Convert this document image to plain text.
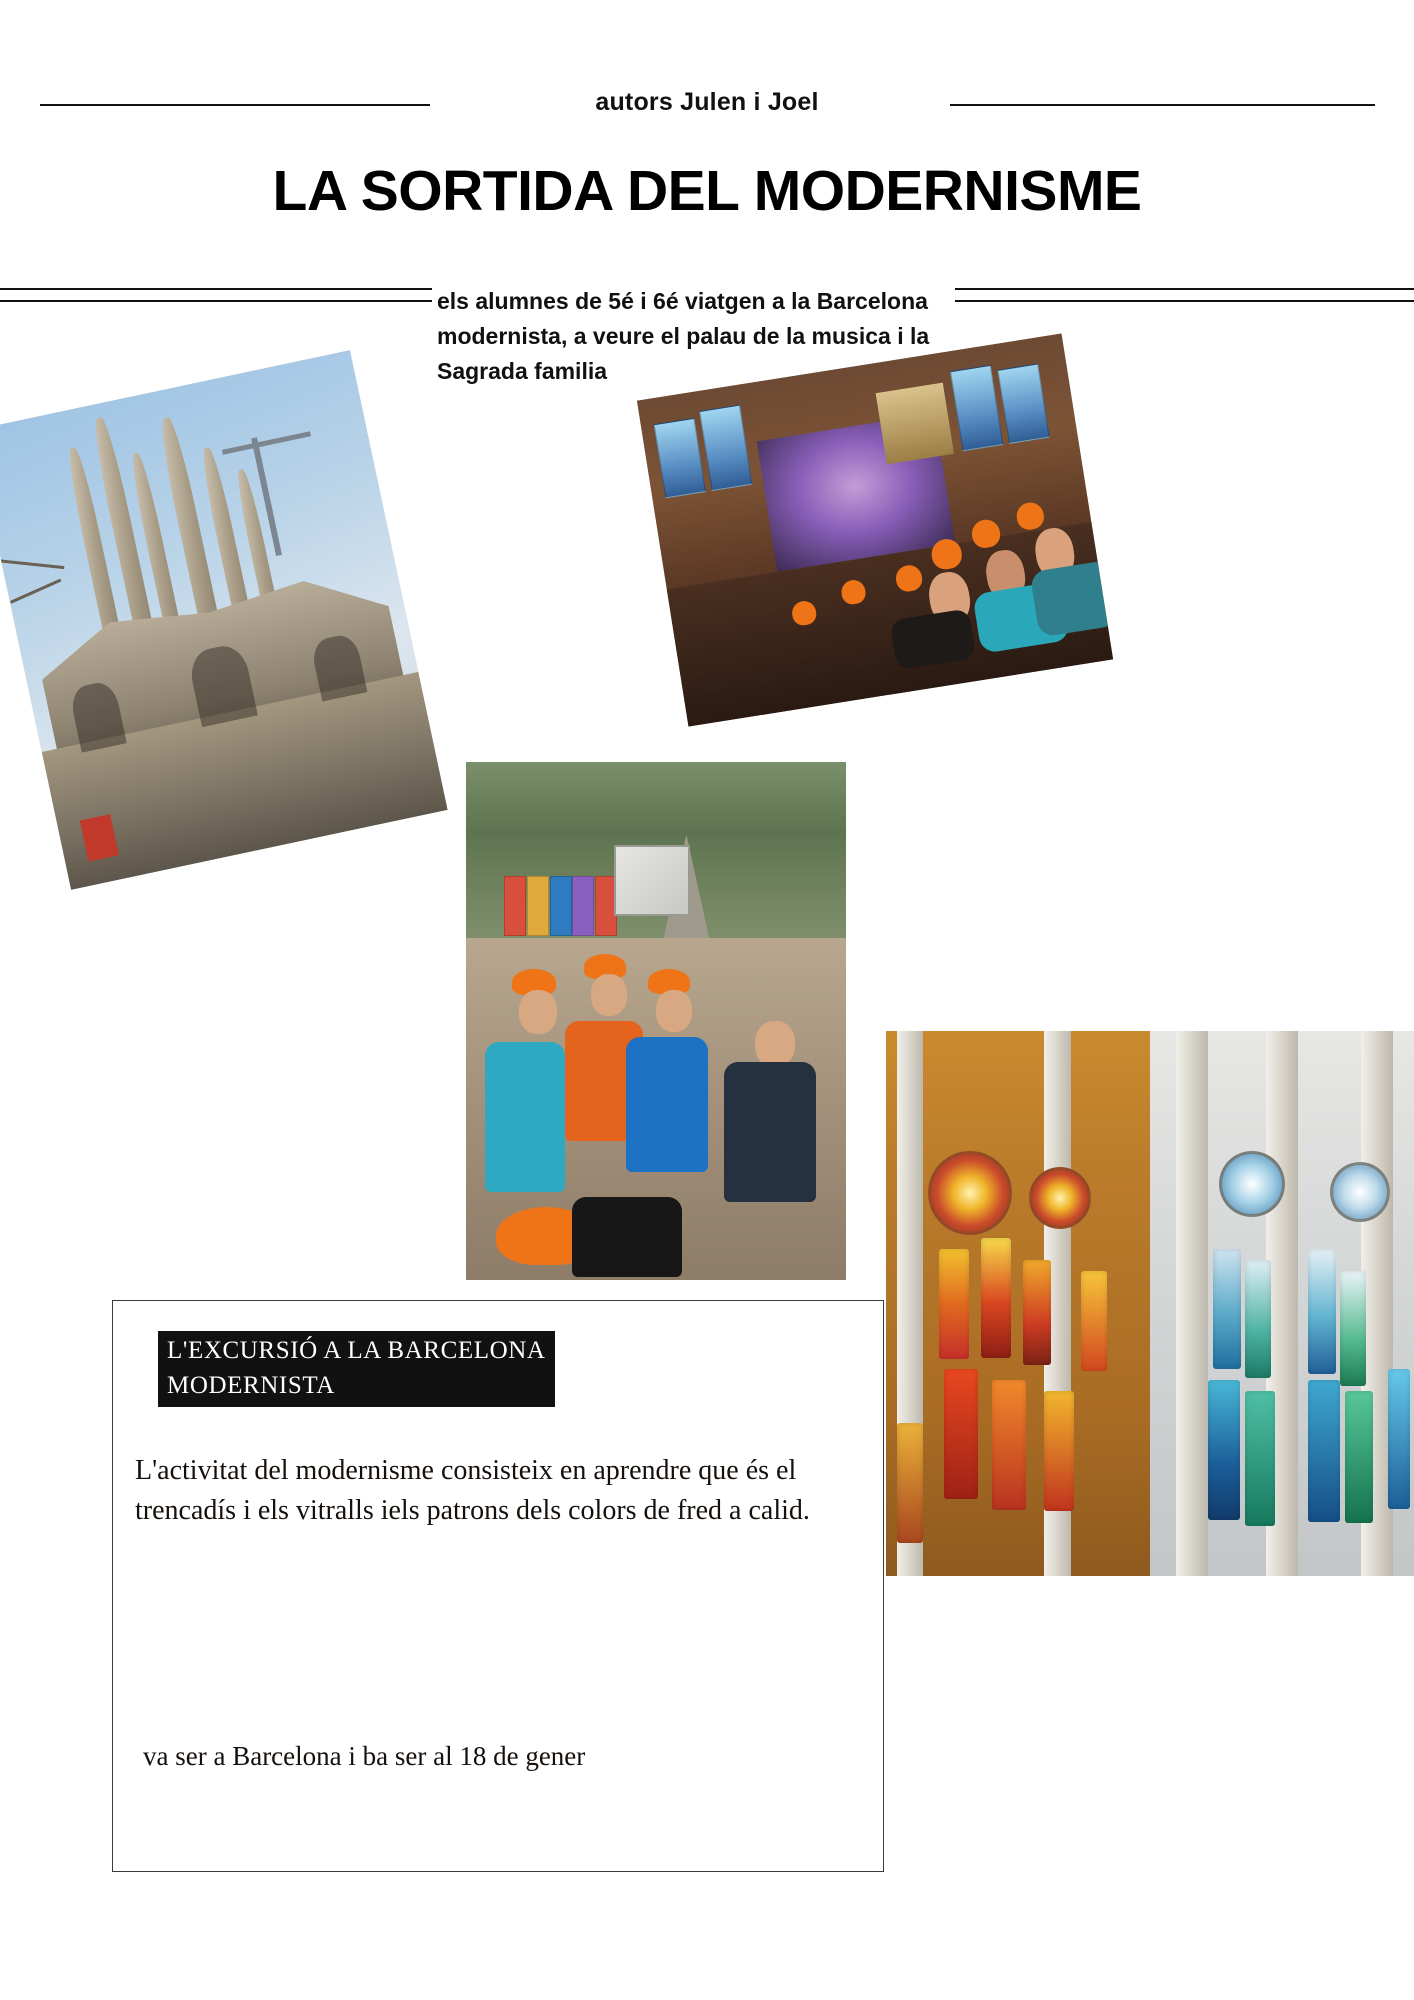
autors Julen i Joel
LA SORTIDA DEL MODERNISME
els alumnes de 5é i 6é viatgen a la Barcelona modernista, a veure el palau de la musica i la Sagrada familia
L'EXCURSIÓ A LA BARCELONA
MODERNISTA
L'activitat del modernisme consisteix en aprendre que és el trencadís i els vitralls iels patrons dels colors de fred a calid.
va ser a Barcelona i ba ser al 18 de gener
